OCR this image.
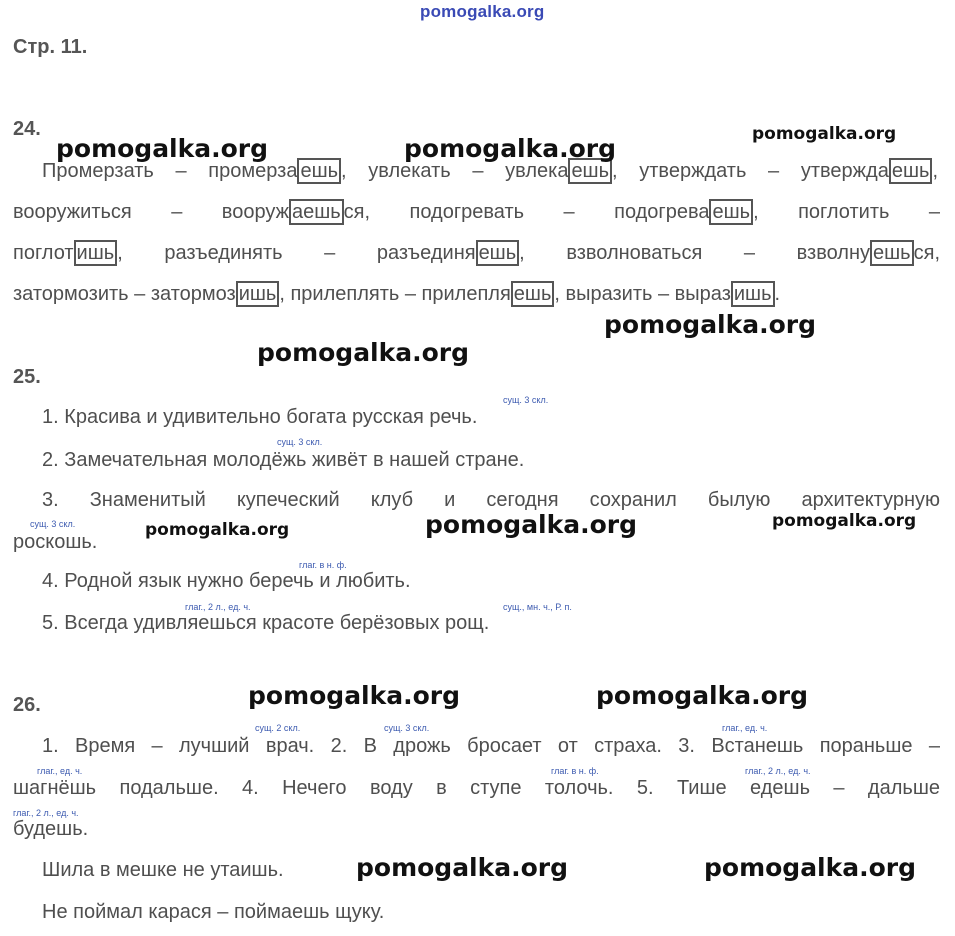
pomogalka.org
Стр. 11.
24.
Промерзать – промерза ешь , увлекать – увлека ешь , утверждать – утвержда ешь ,
вооружиться – вооруж аешь ся, подогревать – подогрева ешь , поглотить –
поглот ишь , разъединять – разъединя ешь , взволноваться – взволну ешь ся,
затормозить – затормоз ишь , прилеплять – прилепля ешь , выразить – выраз ишь .
25.
сущ. 3 скл.
1. Красива и удивительно богата русская речь.
сущ. 3 скл.
2. Замечательная молодёжь живёт в нашей стране.
3. Знаменитый купеческий клуб и сегодня сохранил былую архитектурную
сущ. 3 скл.
роскошь.
глаг. в н. ф.
4. Родной язык нужно беречь и любить.
глаг., 2 л., ед. ч.	сущ., мн. ч., Р. п.
5. Всегда удивляешься красоте берёзовых рощ.
26.
сущ. 2 скл.	сущ. 3 скл.	глаг., ед. ч.
1. Время – лучший врач. 2. В дрожь бросает от страха. 3. Встанешь пораньше –
глаг., ед. ч.	глаг. в н. ф.	глаг., 2 л., ед. ч.
шагнёшь подальше. 4. Нечего воду в ступе толочь. 5. Тише едешь – дальше
глаг., 2 л., ед. ч.
будешь.
Шила в мешке не утаишь.
Не поймал карася – поймаешь щуку.
pomogalka.org	pomogalka.org	pomogalka.org
pomogalka.org
pomogalka.org
pomogalka.org	pomogalka.org	pomogalka.org
pomogalka.org	pomogalka.org
pomogalka.org	pomogalka.org
